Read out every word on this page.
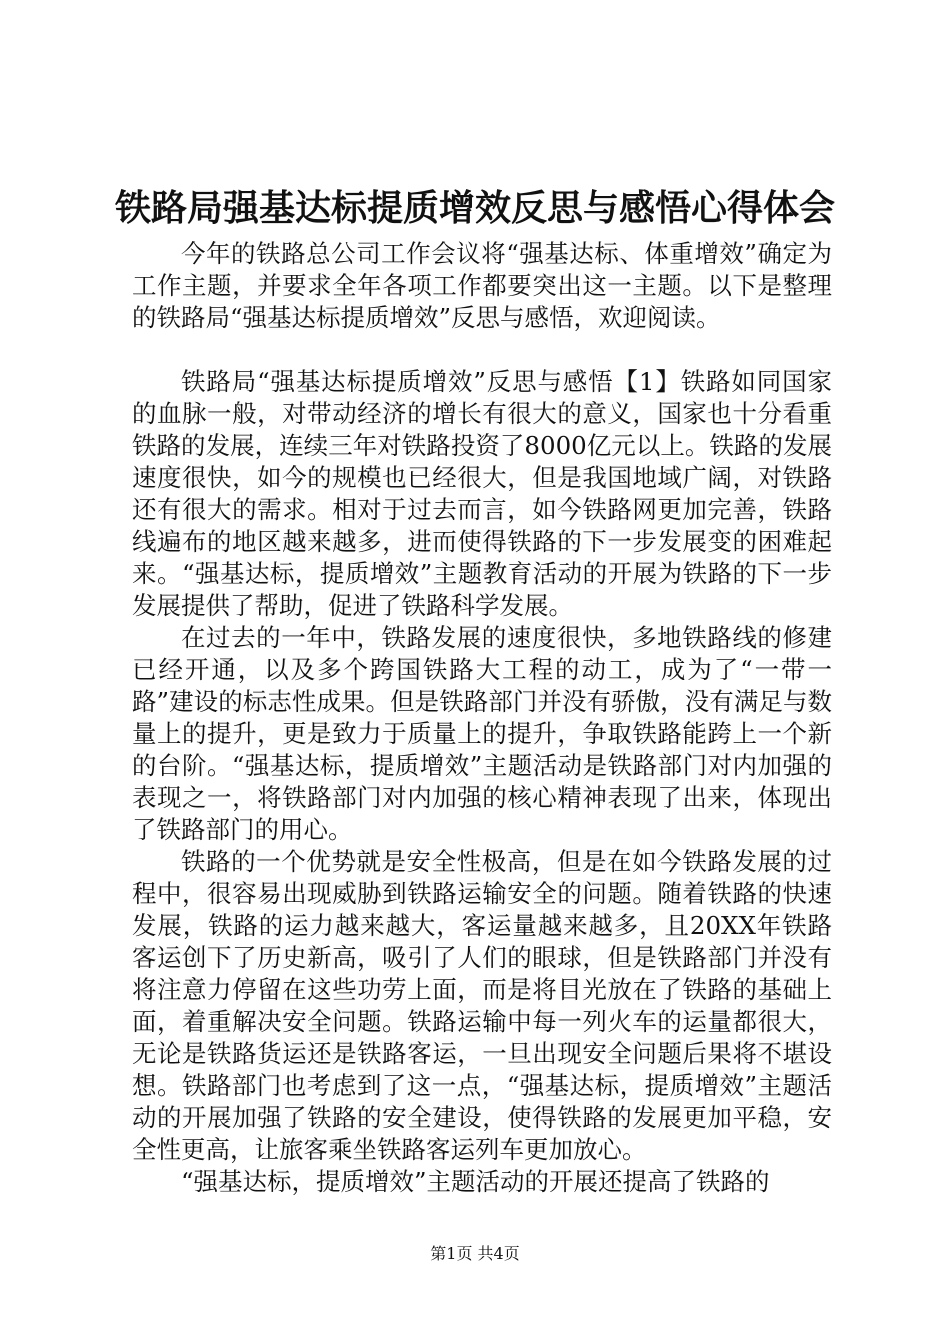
铁路局强基达标提质增效反思与感悟心得体会

今年的铁路总公司工作会议将“强基达标、体重增效”确定为工作主题，并要求全年各项工作都要突出这一主题。以下是整理的铁路局“强基达标提质增效”反思与感悟，欢迎阅读。

铁路局“强基达标提质增效”反思与感悟【1】铁路如同国家的血脉一般，对带动经济的增长有很大的意义，国家也十分看重铁路的发展，连续三年对铁路投资了8000亿元以上。铁路的发展速度很快，如今的规模也已经很大，但是我国地域广阔，对铁路还有很大的需求。相对于过去而言，如今铁路网更加完善，铁路线遍布的地区越来越多，进而使得铁路的下一步发展变的困难起来。“强基达标，提质增效”主题教育活动的开展为铁路的下一步发展提供了帮助，促进了铁路科学发展。

在过去的一年中，铁路发展的速度很快，多地铁路线的修建已经开通，以及多个跨国铁路大工程的动工，成为了“一带一路”建设的标志性成果。但是铁路部门并没有骄傲，没有满足与数量上的提升，更是致力于质量上的提升，争取铁路能跨上一个新的台阶。“强基达标，提质增效”主题活动是铁路部门对内加强的表现之一，将铁路部门对内加强的核心精神表现了出来，体现出了铁路部门的用心。

铁路的一个优势就是安全性极高，但是在如今铁路发展的过程中，很容易出现威胁到铁路运输安全的问题。随着铁路的快速发展，铁路的运力越来越大，客运量越来越多，且20XX年铁路客运创下了历史新高，吸引了人们的眼球，但是铁路部门并没有将注意力停留在这些功劳上面，而是将目光放在了铁路的基础上面，着重解决安全问题。铁路运输中每一列火车的运量都很大，无论是铁路货运还是铁路客运，一旦出现安全问题后果将不堪设想。铁路部门也考虑到了这一点，“强基达标，提质增效”主题活动的开展加强了铁路的安全建设，使得铁路的发展更加平稳，安全性更高，让旅客乘坐铁路客运列车更加放心。

“强基达标，提质增效”主题活动的开展还提高了铁路的

第1页 共4页
